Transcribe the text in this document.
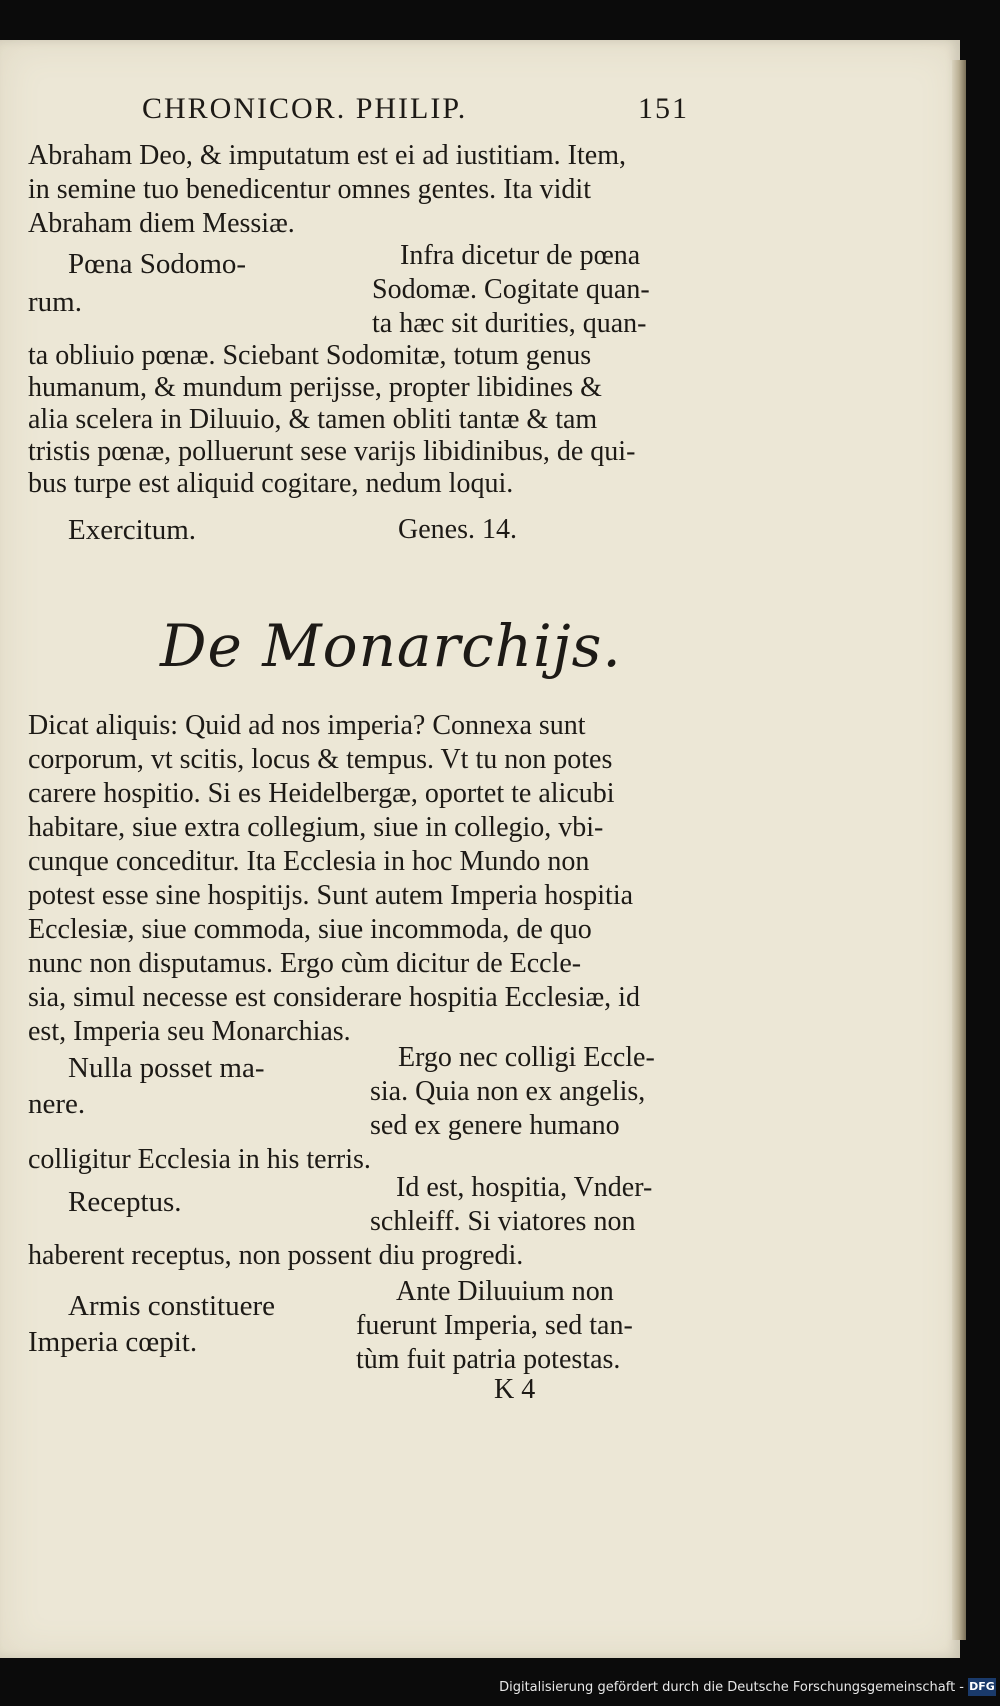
CHRONICOR. PHILIP.	151
Abraham Deo, & imputatum est ei ad iustitiam. Item,
in semine tuo benedicentur omnes gentes. Ita vidit
Abraham diem Messiæ.
Pœna Sodomo-
rum.
Infra dicetur de pœna
Sodomæ. Cogitate quan-
ta hæc sit durities, quan-
ta obliuio pœnæ. Sciebant Sodomitæ, totum genus
humanum, & mundum perijsse, propter libidines &
alia scelera in Diluuio, & tamen obliti tantæ & tam
tristis pœnæ, polluerunt sese varijs libidinibus, de qui-
bus turpe est aliquid cogitare, nedum loqui.
Exercitum.	Genes. 14.
De Monarchijs.
Dicat aliquis: Quid ad nos imperia? Connexa sunt
corporum, vt scitis, locus & tempus. Vt tu non potes
carere hospitio. Si es Heidelbergæ, oportet te alicubi
habitare, siue extra collegium, siue in collegio, vbi-
cunque conceditur. Ita Ecclesia in hoc Mundo non
potest esse sine hospitijs. Sunt autem Imperia hospitia
Ecclesiæ, siue commoda, siue incommoda, de quo
nunc non disputamus. Ergo cùm dicitur de Eccle-
sia, simul necesse est considerare hospitia Ecclesiæ, id
est, Imperia seu Monarchias.
Nulla posset ma-
nere.
Ergo nec colligi Eccle-
sia. Quia non ex angelis,
sed ex genere humano
colligitur Ecclesia in his terris.
Receptus.	Id est, hospitia, Vnder-
schleiff. Si viatores non
haberent receptus, non possent diu progredi.
Armis constituere
Imperia cœpit.
Ante Diluuium non
fuerunt Imperia, sed tan-
tùm fuit patria potestas.
K 4
Digitalisierung gefördert durch die Deutsche Forschungsgemeinschaft - DFG
